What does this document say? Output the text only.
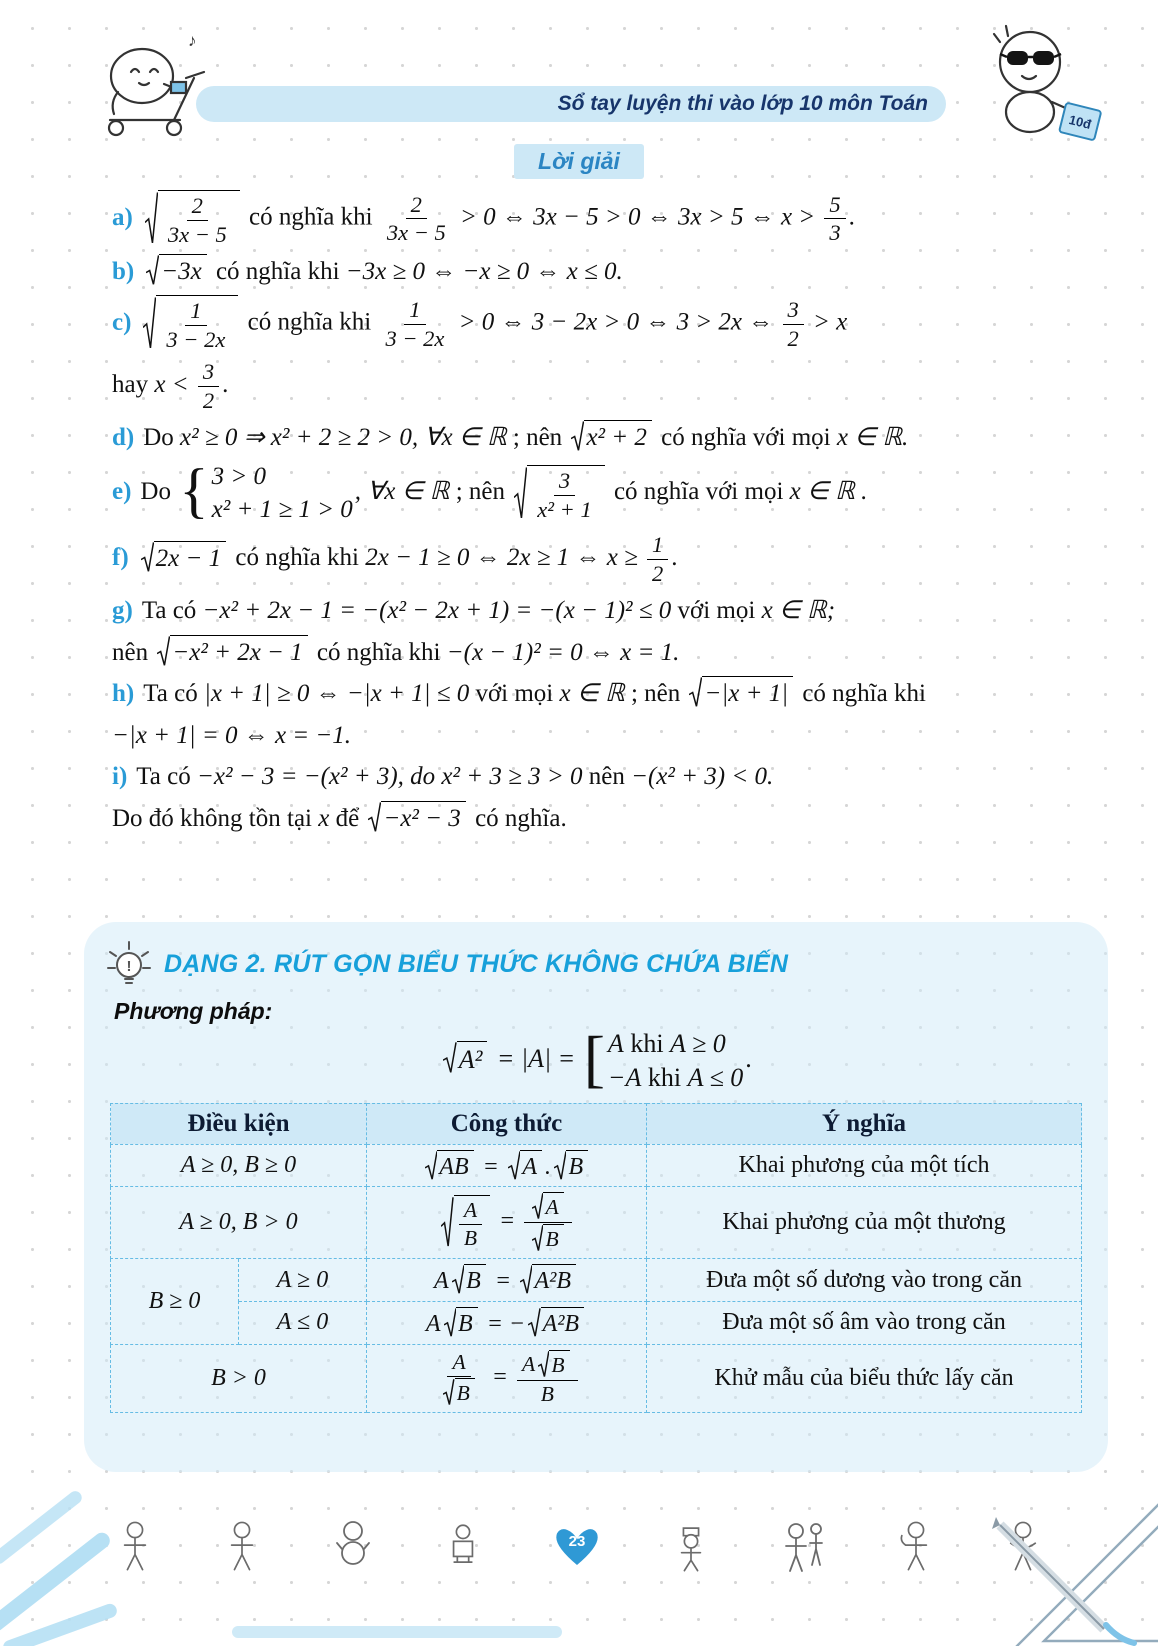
♪
Sổ tay luyện thi vào lớp 10 môn Toán
10đ
Lời giải
$a) \frac{2}{3x - 5}$ có nghĩa khi $\frac{2}{3x - 5} > 0$ ⇔ 3x − 5 > 0 ⇔ 3x > 5 ⇔ $x > \frac{5}{3}$ .
b) −3x có nghĩa khi −3x ≥ 0 ⇔ −x ≥ 0 ⇔ x ≤ 0.
$c) \frac{1}{3 - 2x}$ có nghĩa khi $\frac{1}{3 - 2x} > 0$ ⇔ 3 − 2x > 0 ⇔ 3 > 2x ⇔ $\frac{3}{2} > x$
hay $x < \frac{3}{2}$ .
d) Do x² ≥ 0 ⇒ x² + 2 ≥ 2 > 0, ∀x ∈ ℝ ; nên x² + 2 có nghĩa với mọi x ∈ ℝ.
e) Do { 3 > 0
x² + 1 ≥ 1 > 0
, ∀x ∈ ℝ ; nên $\frac{3}{\text{x² + 1}}$ có nghĩa với mọi x ∈ ℝ .
f) 2x − 1 có nghĩa khi 2x − 1 ≥ 0 ⇔ 2x ≥ 1 ⇔ $x \ge \frac{1}{2}$ .
g) Ta có −x² + 2x − 1 = −(x² − 2x + 1) = −(x − 1)² ≤ 0 với mọi x ∈ ℝ;
nên −x² + 2x − 1 có nghĩa khi −(x − 1)² = 0 ⇔ x = 1.
h) Ta có |x + 1| ≥ 0 ⇔ −|x + 1| ≤ 0 với mọi x ∈ ℝ ; nên −|x + 1| có nghĩa khi
−|x + 1| = 0 ⇔ x = −1.
i) Ta có −x² − 3 = −(x² + 3), do x² + 3 ≥ 3 > 0 nên −(x² + 3) < 0.
Do đó không tồn tại x để −x² − 3 có nghĩa.
! DẠNG 2. RÚT GỌN BIỂU THỨC KHÔNG CHỨA BIẾN
Phương pháp:
A² = |A| = [ A khi A ≥ 0
−A khi A ≤ 0
.
Điều kiện		Công thức	Ý nghĩa
A ≥ 0, B ≥ 0		AB = A . B	Khai phương của một tích
A ≥ 0, B > 0		$\frac{A}{B} = \frac{A}{B}$	Khai phương của một thương
B ≥ 0	A ≥ 0	A B = A²B	Đưa một số dương vào trong căn
	A ≤ 0	A B = − A²B	Đưa một số âm vào trong căn
B > 0	$\frac{A}{B} = \frac{\text{A B}}{B}$	Khử mẫu của biểu thức lấy căn
23
